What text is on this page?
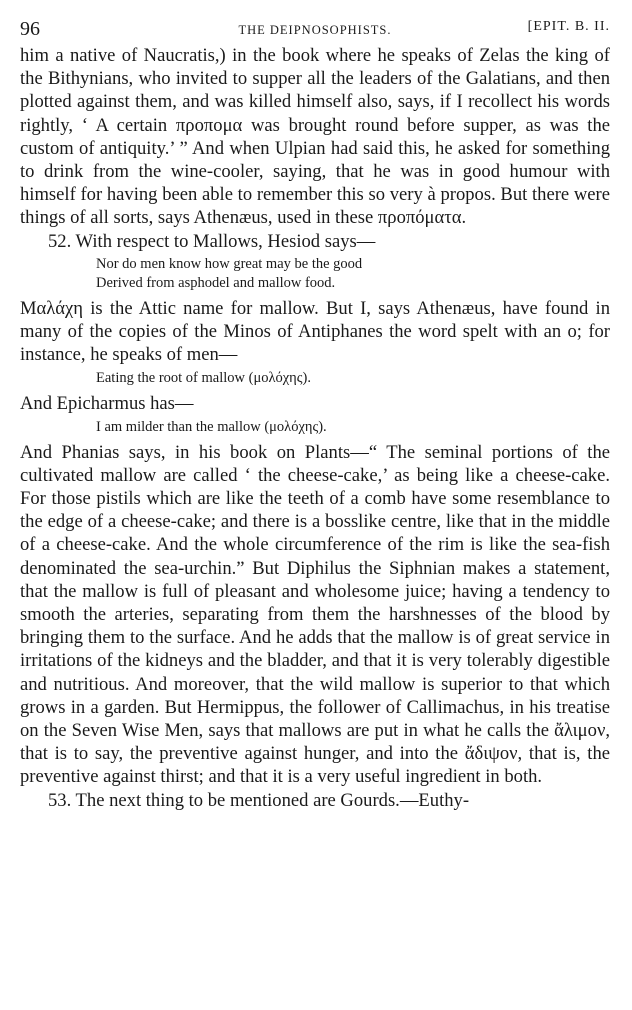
96	THE DEIPNOSOPHISTS.	[EPIT. B. II.

him a native of Naucratis,) in the book where he speaks of Zelas the king of the Bithynians, who invited to supper all the leaders of the Galatians, and then plotted against them, and was killed himself also, says, if I recollect his words rightly, ‘ A certain προπομα was brought round before supper, as was the custom of antiquity.’ ” And when Ulpian had said this, he asked for something to drink from the wine-cooler, saying, that he was in good humour with himself for having been able to remember this so very à propos. But there were things of all sorts, says Athenæus, used in these προπόματα.

52. With respect to Mallows, Hesiod says—

Nor do men know how great may be the good
Derived from asphodel and mallow food.

Μαλάχη is the Attic name for mallow. But I, says Athenæus, have found in many of the copies of the Minos of Antiphanes the word spelt with an ο; for instance, he speaks of men—

Eating the root of mallow (μολόχης).

And Epicharmus has—

I am milder than the mallow (μολόχης).

And Phanias says, in his book on Plants—“ The seminal portions of the cultivated mallow are called ‘ the cheese-cake,’ as being like a cheese-cake. For those pistils which are like the teeth of a comb have some resemblance to the edge of a cheese-cake; and there is a bosslike centre, like that in the middle of a cheese-cake. And the whole circumference of the rim is like the sea-fish denominated the sea-urchin.” But Diphilus the Siphnian makes a statement, that the mallow is full of pleasant and wholesome juice; having a tendency to smooth the arteries, separating from them the harshnesses of the blood by bringing them to the surface. And he adds that the mallow is of great service in irritations of the kidneys and the bladder, and that it is very tolerably digestible and nutritious. And moreover, that the wild mallow is superior to that which grows in a garden. But Hermippus, the follower of Callimachus, in his treatise on the Seven Wise Men, says that mallows are put in what he calls the ἄλιμον, that is to say, the preventive against hunger, and into the ἄδιψον, that is, the preventive against thirst; and that it is a very useful ingredient in both.

53. The next thing to be mentioned are Gourds.—Euthy-
